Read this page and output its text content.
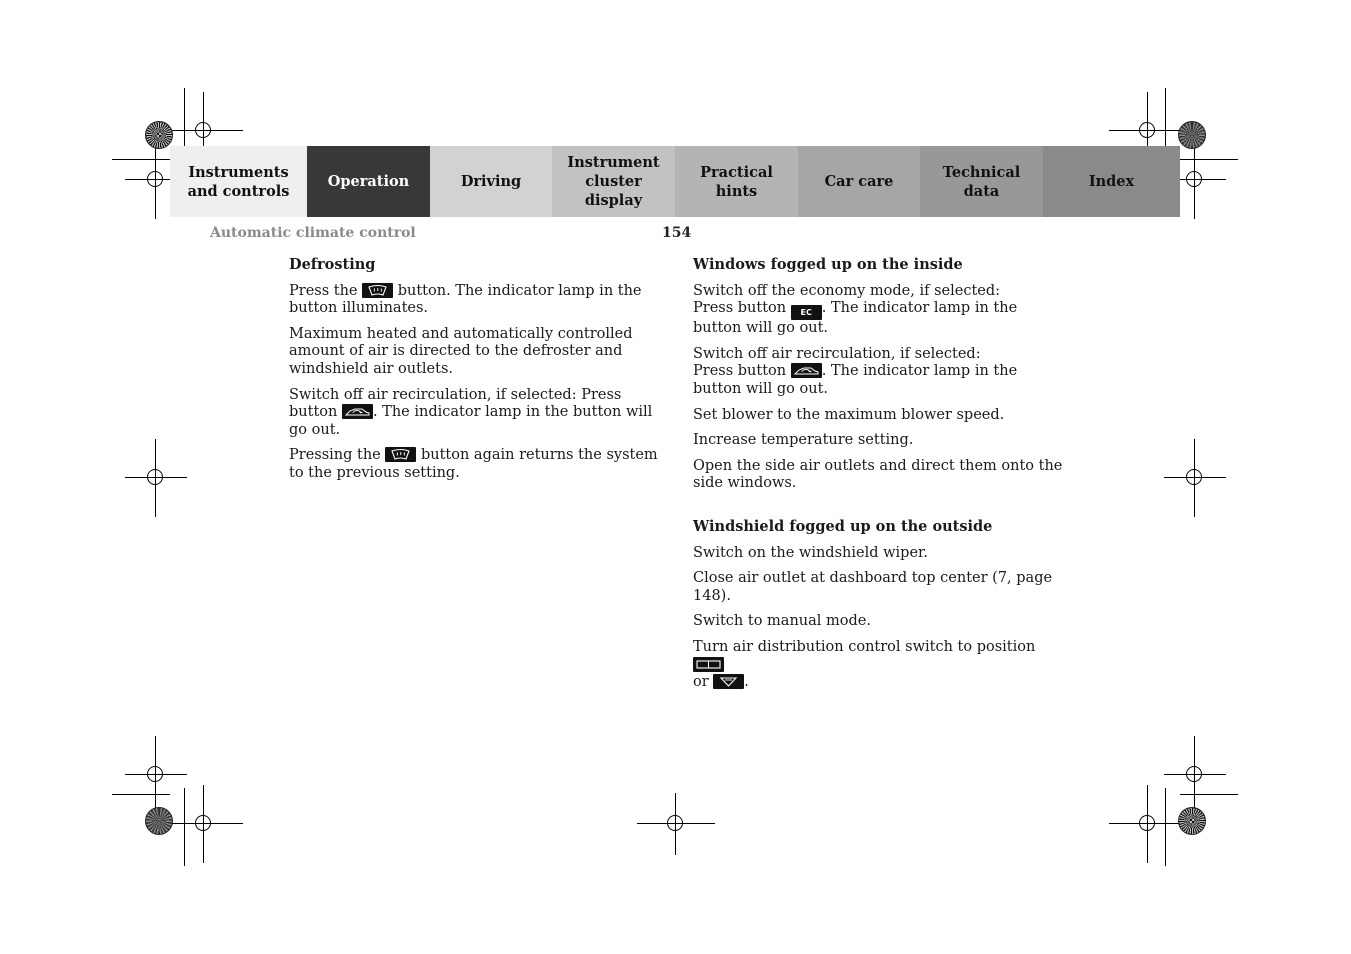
Instruments
and controls
Operation	Driving
Instrument
cluster display
Practical hints
Car care
Technical
data
Index
Automatic climate control	154
Defrosting

Press the
button. The indicator lamp in the button illuminates.

Maximum heated and automatically controlled amount of air is directed to the defroster and windshield air outlets.

Switch off air recirculation, if selected: Press button
. The indicator lamp in the button will go out.

Pressing the
button again returns the system to the previous setting.

Windows fogged up on the inside

Switch off the economy mode, if selected:
Press button EC . The indicator lamp in the button will go out.

Switch off air recirculation, if selected:
Press button
. The indicator lamp in the button will go out.

Set blower to the maximum blower speed.

Increase temperature setting.

Open the side air outlets and direct them onto the side windows.

Windshield fogged up on the outside

Switch on the windshield wiper.

Close air outlet at dashboard top center (7, page 148).

Switch to manual mode.

Turn air distribution control switch to position

or
.
